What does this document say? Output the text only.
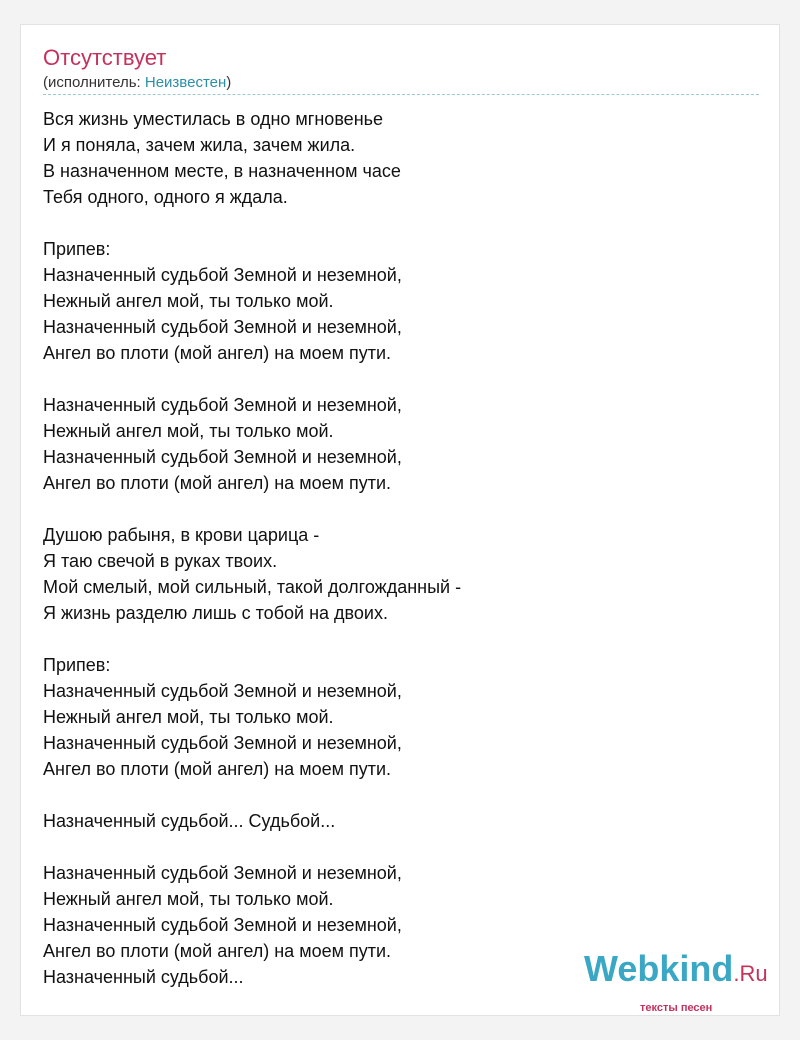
Отсутствует
(исполнитель: Неизвестен)
Вся жизнь уместилась в одно мгновенье
И я поняла, зачем жила, зачем жила.
В назначенном месте, в назначенном часе
Тебя одного, одного я ждала.
Припев:
Назначенный судьбой Земной и неземной,
Нежный ангел мой, ты только мой.
Назначенный судьбой Земной и неземной,
Ангел во плоти (мой ангел) на моем пути.
Назначенный судьбой Земной и неземной,
Нежный ангел мой, ты только мой.
Назначенный судьбой Земной и неземной,
Ангел во плоти (мой ангел) на моем пути.
Душою рабыня, в крови царица -
Я таю свечой в руках твоих.
Мой смелый, мой сильный, такой долгожданный -
Я жизнь разделю лишь с тобой на двоих.
Припев:
Назначенный судьбой Земной и неземной,
Нежный ангел мой, ты только мой.
Назначенный судьбой Земной и неземной,
Ангел во плоти (мой ангел) на моем пути.
Назначенный судьбой... Судьбой...
Назначенный судьбой Земной и неземной,
Нежный ангел мой, ты только мой.
Назначенный судьбой Земной и неземной,
Ангел во плоти (мой ангел) на моем пути.
Назначенный судьбой...	Webkind.Ru
тексты песен
